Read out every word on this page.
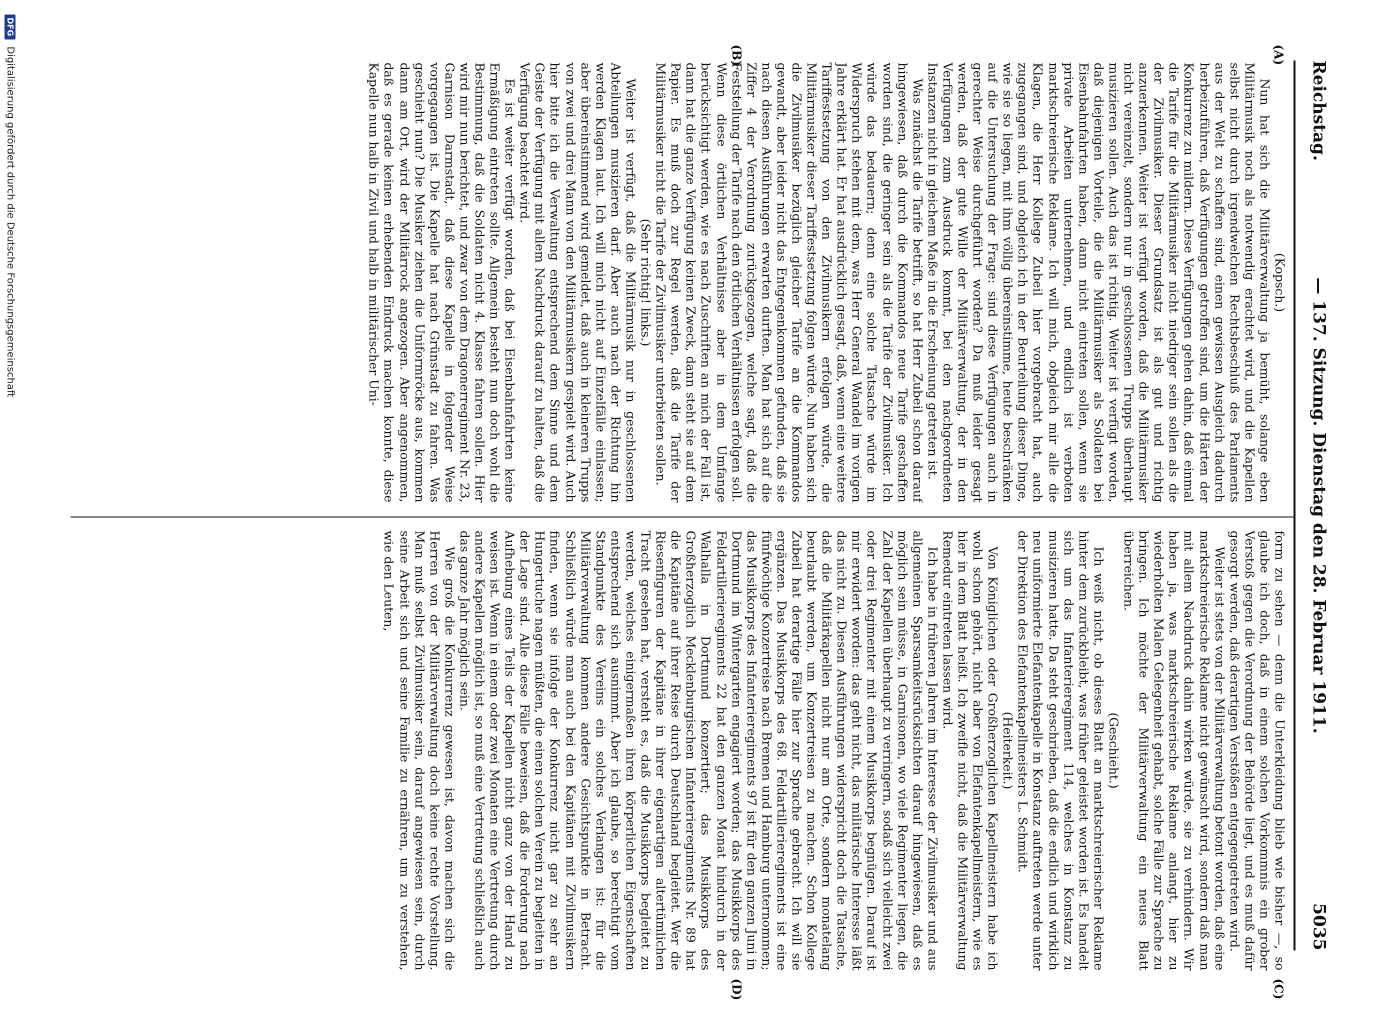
Reichstag.
— 137. Sitzung. Dienstag den 28. Februar 1911.
5035
(A)
(B)
(C)
(D)

(Kopsch.)

Nun hat sich die Militärverwaltung ja bemüht, solange eben Militärmusik noch als notwendig erachtet wird, und die Kapellen selbst nicht durch irgendwelchen Rechtsbeschluß des Parlaments aus der Welt zu schaffen sind, einen gewissen Ausgleich dadurch herbeizuführen, daß Verfügungen getroffen sind, um die Härten der Konkurrenz zu mildern. Diese Verfügungen gehen dahin, daß einmal die Tarife für die Militärmusiker nicht niedriger sein sollen als die der Zivilmusiker. Dieser Grundsatz ist als gut und richtig anzuerkennen. Weiter ist verfügt worden, daß die Militärmusiker nicht vereinzelt, sondern nur in geschlossenen Trupps überhaupt musizieren sollen. Auch das ist richtig. Weiter ist verfügt worden, daß diejenigen Vorteile, die die Militärmusiker als Soldaten bei Eisenbahnfahrten haben, dann nicht eintreten sollen, wenn sie private Arbeiten unternehmen, und endlich ist verboten marktschreierische Reklame. Ich will mich, obgleich mir alle die Klagen, die Herr Kollege Zubeil hier vorgebracht hat, auch zugegangen sind, und obgleich ich in der Beurteilung dieser Dinge, wie sie so liegen, mit ihm völlig übereinstimme, heute beschränken auf die Untersuchung der Frage: sind diese Verfügungen auch in gerechter Weise durchgeführt worden? Da muß leider gesagt werden, daß der gute Wille der Militärverwaltung, der in den Verfügungen zum Ausdruck kommt, bei den nachgeordneten Instanzen nicht in gleichem Maße in die Erscheinung getreten ist.

Was zunächst die Tarife betrifft, so hat Herr Zubeil schon darauf hingewiesen, daß durch die Kommandos neue Tarife geschaffen worden sind, die geringer sein als die Tarife der Zivilmusiker. Ich würde das bedauern; denn eine solche Tatsache würde im Widerspruch stehen mit dem, was Herr General Wandel im vorigen Jahre erklärt hat. Er hat ausdrücklich gesagt, daß, wenn eine weitere Tariffestsetzung von den Zivilmusikern erfolgen würde, die Militärmusiker dieser Tariffestsetzung folgen würde. Nun haben sich die Zivilmusiker bezüglich gleicher Tarife an die Kommandos gewandt, aber leider nicht das Entgegenkommen gefunden, daß sie nach diesen Ausführungen erwarten durften. Man hat sich auf die Ziffer 4 der Verordnung zurückgezogen, welche sagt, daß die Feststellung der Tarife nach den örtlichen Verhältnissen erfolgen soll. Wenn diese örtlichen Verhältnisse aber in dem Umfange berücksichtigt werden, wie es nach Zuschriften an mich der Fall ist, dann hat die ganze Verfügung keinen Zweck, dann steht sie auf dem Papier. Es muß doch zur Regel werden, daß die Tarife der Militärmusiker nicht die Tarife der Zivilmusiker unterbieten sollen.

(Sehr richtig! links.)

Weiter ist verfügt, daß die Militärmusik nur in geschlossenen Abteilungen musizieren darf. Aber auch nach der Richtung hin werden Klagen laut. Ich will mich nicht auf Einzelfälle einlassen; aber übereinstimmend wird gemeldet, daß auch in kleineren Trupps von zwei und drei Mann von den Militärmusikern gespielt wird. Auch hier bitte ich die Verwaltung entsprechend dem Sinne und dem Geiste der Verfügung mit allem Nachdruck darauf zu halten, daß die Verfügung beachtet wird.

Es ist weiter verfügt worden, daß bei Eisenbahnfahrten keine Ermäßigung eintreten sollte. Allgemein besteht nun doch wohl die Bestimmung, daß die Soldaten nicht 4. Klasse fahren sollen. Hier wird mir nun berichtet, und zwar von dem Dragonerregiment Nr. 23, Garnison Darmstadt, daß diese Kapelle in folgender Weise vorgegangen ist. Die Kapelle hat nach Grünstadt zu fahren. Was geschieht nun? Die Musiker ziehen die Uniformröcke aus, kommen dann am Ort, wird der Militärrock angezogen. Aber angenommen, daß es gerade keinen erhebenden Eindruck machen konnte, diese Kapelle nun halb in Zivil und halb in militärischer Uni-

form zu sehen — denn die Unterkleidung blieb wie bisher —, so glaube ich doch, daß in einem solchen Vorkommnis ein grober Verstoß gegen die Verordnung der Behörde liegt, und es muß dafür gesorgt werden, daß derartigen Verstößen entgegengetreten wird.

Weiter ist stets von der Militärverwaltung betont worden, daß eine marktschreierische Reklame nicht gewünscht wird, sondern daß man mit allem Nachdruck dahin wirken würde, sie zu verhindern. Wir haben ja, was marktschreierische Reklame anlangt, hier zu wiederholten Malen Gelegenheit gehabt, solche Fälle zur Sprache zu bringen. Ich möchte der Militärverwaltung ein neues Blatt überreichen.

(Geschieht.)

Ich weiß nicht, ob dieses Blatt an marktschreierischer Reklame hinter dem zurückbleibt, was früher geleistet worden ist. Es handelt sich um das Infanterieregiment 114, welches in Konstanz zu musizieren hatte. Da steht geschrieben, daß die endlich und wirklich neu uniformierte Elefantenkapelle in Konstanz auftreten werde unter der Direktion des Elefantenkapellmeisters L. Schmidt.

(Heiterkeit.)

Von Königlichen oder Großherzoglichen Kapellmeistern habe ich wohl schon gehört, nicht aber von Elefantenkapellmeistern, wie es hier in dem Blatt heißt. Ich zweifle nicht, daß die Militärverwaltung Remedur eintreten lassen wird.

Ich habe in früheren Jahren im Interesse der Zivilmusiker und aus allgemeinen Sparsamkeitsrücksichten darauf hingewiesen, daß es möglich sein müsse, in Garnisonen, wo viele Regimenter liegen, die Zahl der Kapellen überhaupt zu verringern, sodaß sich vielleicht zwei oder drei Regimenter mit einem Musikkorps begnügen. Darauf ist mir erwidert worden: das geht nicht, das militärische Interesse läßt das nicht zu. Diesen Ausführungen widerspricht doch die Tatsache, daß die Militärkapellen nicht nur am Orte, sondern monatelang beurlaubt werden, um Konzertreisen zu machen. Schon Kollege Zubeil hat derartige Fälle hier zur Sprache gebracht. Ich will sie ergänzen. Das Musikkorps des 68. Feldartillerieregiments ist eine fünfwöchige Konzertreise nach Bremen und Hamburg unternommen; das Musikkorps des Infanterieregiments 97 ist für den ganzen Juni in Dortmund im Wintergarten engagiert worden; das Musikkorps des Feldartillerieregiments 22 hat den ganzen Monat hindurch in der Walhalla in Dortmund konzertiert; das Musikkorps des Großherzoglich Mecklenburgischen Infanterieregiments Nr. 89 hat die Kapitäne auf ihrer Reise durch Deutschland begleitet. Wer die Riesenfiguren der Kapitäne in ihrer eigenartigen altertümlichen Tracht gesehen hat, versteht es, daß die Musikkorps begleitet zu werden, welches einigermaßen ihren körperlichen Eigenschaften entsprechend sich ausnimmt. Aber ich glaube, so berechtigt vom Standpunkte des Vereins ein solches Verlangen ist: für die Militärverwaltung kommen andere Gesichtspunkte in Betracht. Schließlich würde man auch bei den Kapitänen mit Zivilmusikern finden, wenn sie infolge der Konkurrenz nicht gar zu sehr an Hungertuche nagen müßten, die einen solchen Verein zu begleiten in der Lage sind. Alle diese Fälle beweisen, daß die Forderung nach Aufhebung eines Teils der Kapellen nicht ganz von der Hand zu weisen ist. Wenn in einem oder zwei Monaten eine Vertretung durch andere Kapellen möglich ist, so muß eine Vertretung schließlich auch das ganze Jahr möglich sein.

Wie groß die Konkurrenz gewesen ist, davon machen sich die Herren von der Militärverwaltung doch keine rechte Vorstellung. Man muß selbst Zivilmusiker sein, darauf angewiesen sein, durch seine Arbeit sich und seine Familie zu ernähren, um zu verstehen, wie den Leuten,

DFG Digitalisierung gefördert durch die Deutsche Forschungsgemeinschaft
